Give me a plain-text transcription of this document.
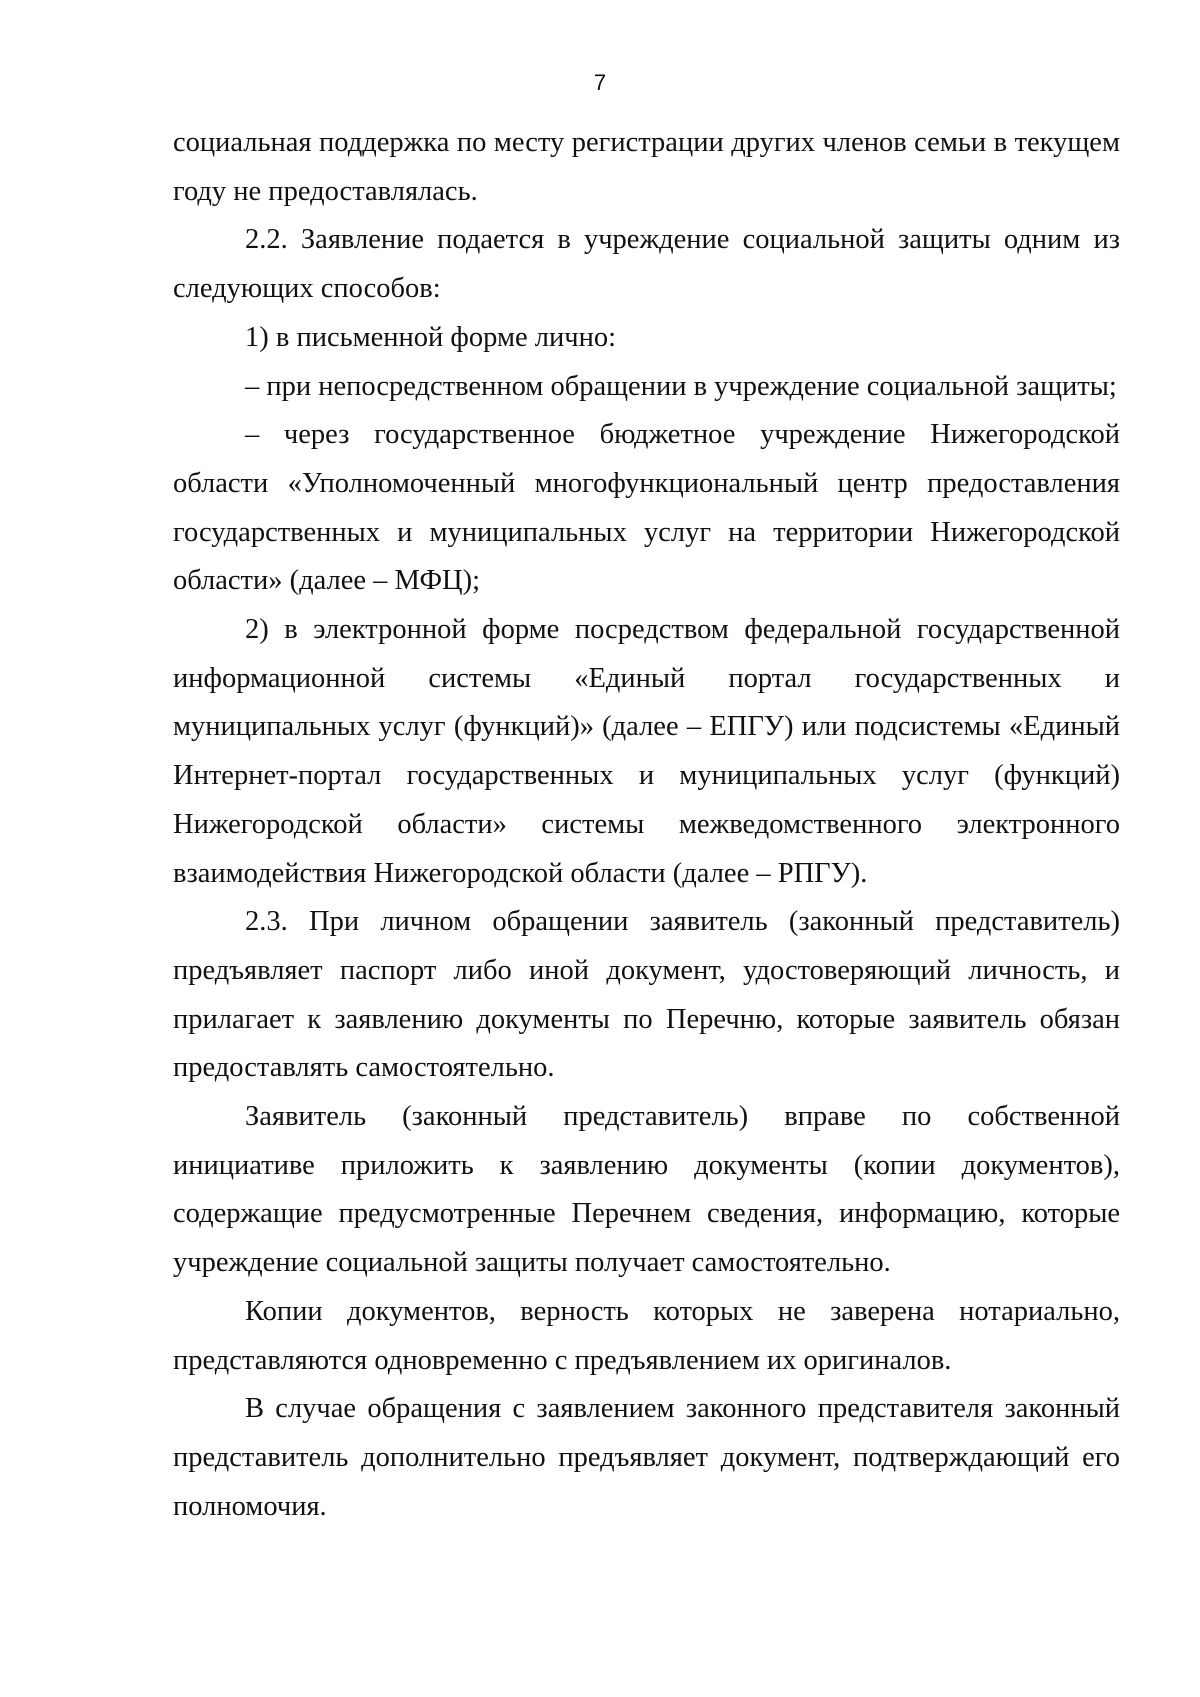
7

социальная поддержка по месту регистрации других членов семьи в текущем году не предоставлялась.

2.2. Заявление подается в учреждение социальной защиты одним из следующих способов:

1) в письменной форме лично:

– при непосредственном обращении в учреждение социальной защиты;

– через государственное бюджетное учреждение Нижегородской области «Уполномоченный многофункциональный центр предоставления государственных и муниципальных услуг на территории Нижегородской области» (далее – МФЦ);

2) в электронной форме посредством федеральной государственной информационной системы «Единый портал государственных и муниципальных услуг (функций)» (далее – ЕПГУ) или подсистемы «Единый Интернет-портал государственных и муниципальных услуг (функций) Нижегородской области» системы межведомственного электронного взаимодействия Нижегородской области (далее – РПГУ).

2.3. При личном обращении заявитель (законный представитель) предъявляет паспорт либо иной документ, удостоверяющий личность, и прилагает к заявлению документы по Перечню, которые заявитель обязан предоставлять самостоятельно.

Заявитель (законный представитель) вправе по собственной инициативе приложить к заявлению документы (копии документов), содержащие предусмотренные Перечнем сведения, информацию, которые учреждение социальной защиты получает самостоятельно.

Копии документов, верность которых не заверена нотариально, представляются одновременно с предъявлением их оригиналов.

В случае обращения с заявлением законного представителя законный представитель дополнительно предъявляет документ, подтверждающий его полномочия.
